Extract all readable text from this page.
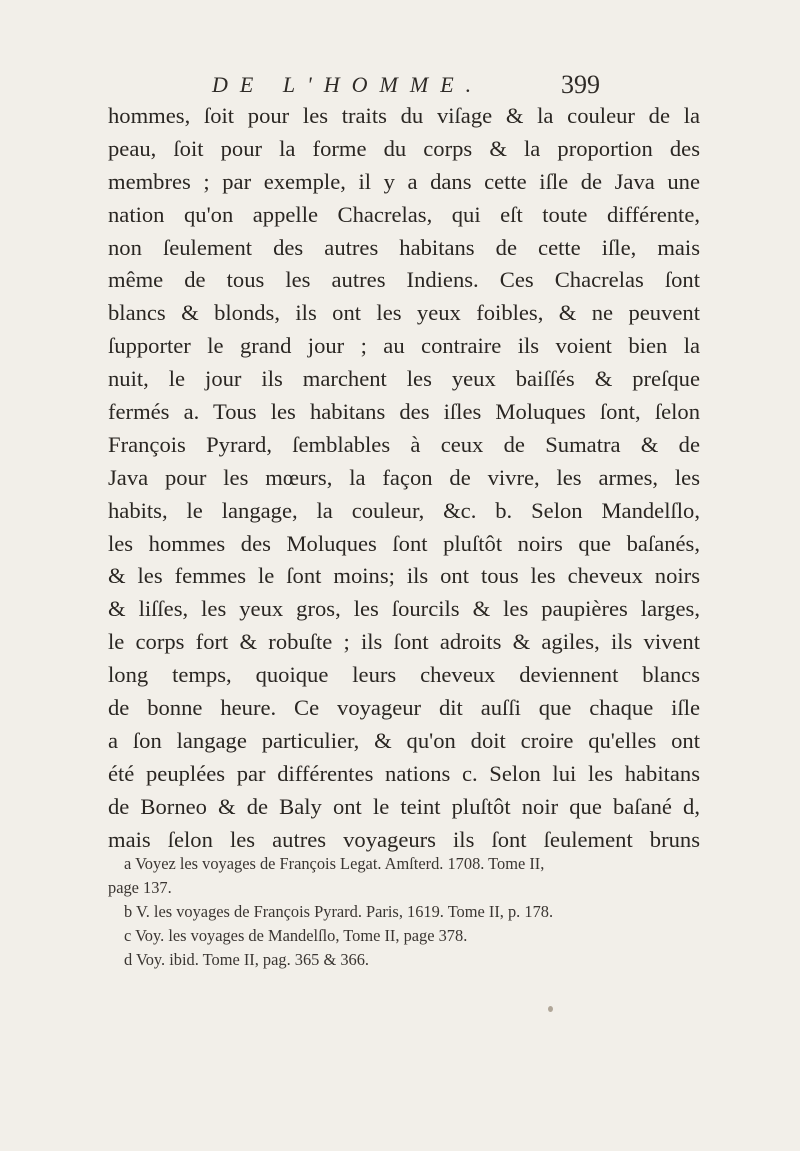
DE L'HOMME.	399
hommes, ſoit pour les traits du viſage & la couleur de la
peau, ſoit pour la forme du corps & la proportion des
membres ; par exemple, il y a dans cette iſle de Java une
nation qu'on appelle Chacrelas, qui eſt toute différente,
non ſeulement des autres habitans de cette iſle, mais
même de tous les autres Indiens. Ces Chacrelas ſont
blancs & blonds, ils ont les yeux foibles, & ne peuvent
ſupporter le grand jour ; au contraire ils voient bien la
nuit, le jour ils marchent les yeux baiſſés & preſque
fermés a. Tous les habitans des iſles Moluques ſont, ſelon
François Pyrard, ſemblables à ceux de Sumatra & de
Java pour les mœurs, la façon de vivre, les armes, les
habits, le langage, la couleur, &c. b. Selon Mandelſlo,
les hommes des Moluques ſont pluſtôt noirs que baſanés,
& les femmes le ſont moins; ils ont tous les cheveux noirs
& liſſes, les yeux gros, les ſourcils & les paupières larges,
le corps fort & robuſte ; ils ſont adroits & agiles, ils vivent
long temps, quoique leurs cheveux deviennent blancs
de bonne heure. Ce voyageur dit auſſi que chaque iſle
a ſon langage particulier, & qu'on doit croire qu'elles ont
été peuplées par différentes nations c. Selon lui les habitans
de Borneo & de Baly ont le teint pluſtôt noir que baſané d,
mais ſelon les autres voyageurs ils ſont ſeulement bruns
a Voyez les voyages de François Legat. Amſterd. 1708. Tome II,
page 137.
b V. les voyages de François Pyrard. Paris, 1619. Tome II, p. 178.
c Voy. les voyages de Mandelſlo, Tome II, page 378.
d Voy. ibid. Tome II, pag. 365 & 366.
